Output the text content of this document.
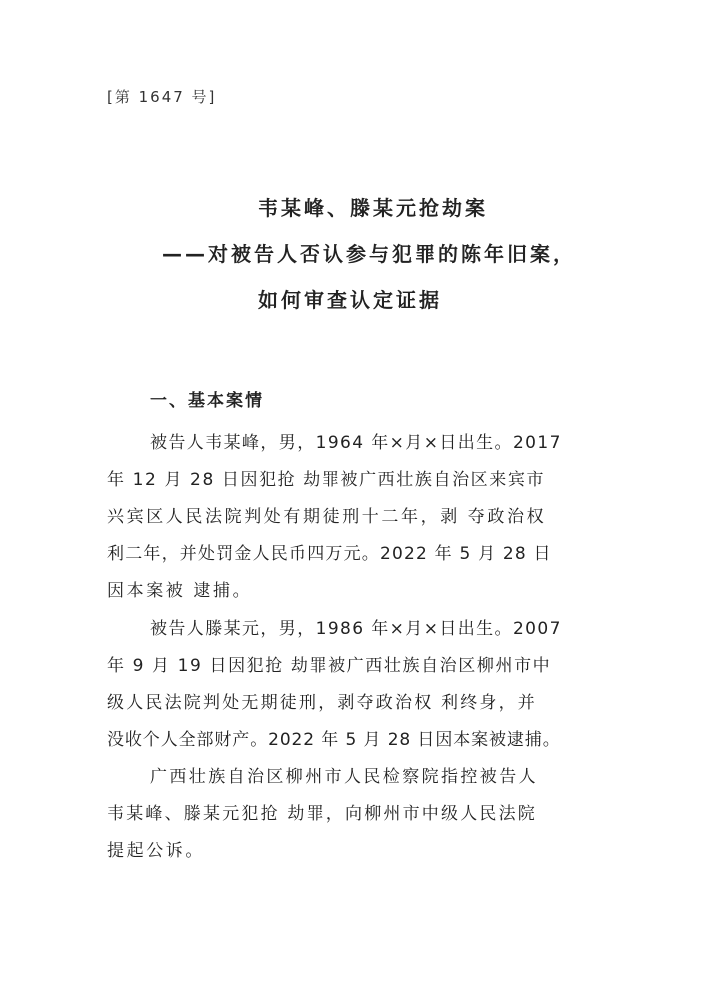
[第 1647 号]
韦某峰、滕某元抢劫案
——对被告人否认参与犯罪的陈年旧案，
如何审查认定证据
一、基本案情
被告人韦某峰，男，1964 年×月×日出生。2017
年 12 月 28 日因犯抢 劫罪被广西壮族自治区来宾市
兴宾区人民法院判处有期徒刑十二年，剥 夺政治权
利二年，并处罚金人民币四万元。2022 年 5 月 28 日
因本案被 逮捕。
被告人滕某元，男，1986 年×月×日出生。2007
年 9 月 19 日因犯抢 劫罪被广西壮族自治区柳州市中
级人民法院判处无期徒刑，剥夺政治权 利终身，并
没收个人全部财产。2022 年 5 月 28 日因本案被逮捕。
广西壮族自治区柳州市人民检察院指控被告人
韦某峰、滕某元犯抢 劫罪，向柳州市中级人民法院
提起公诉。
